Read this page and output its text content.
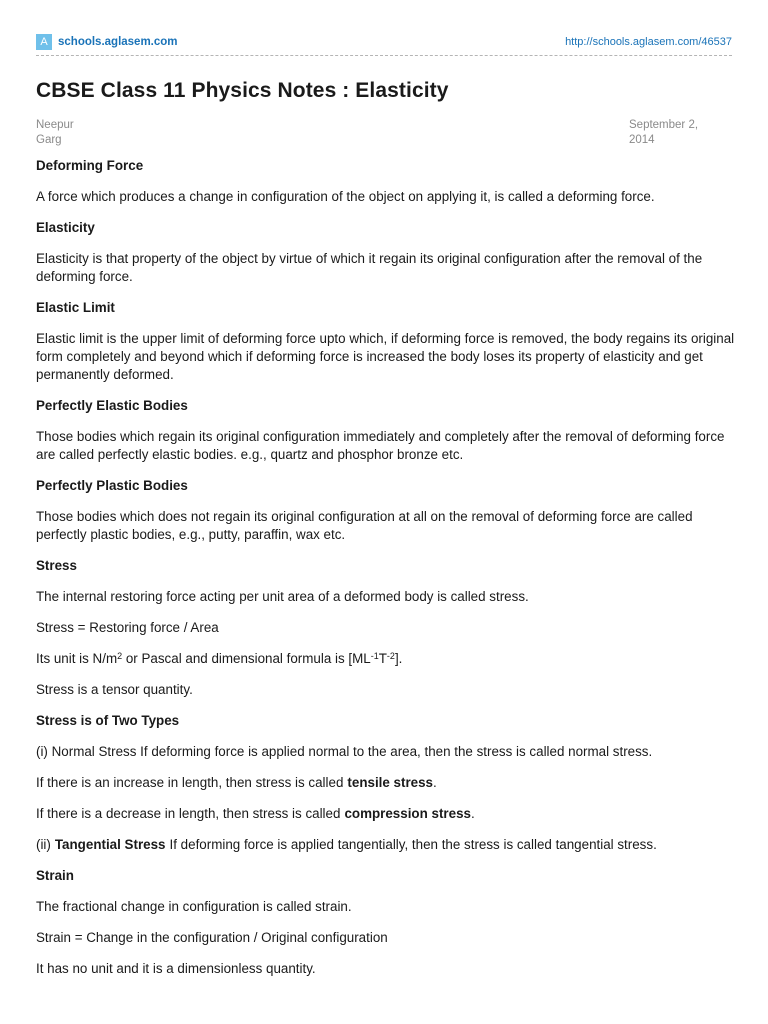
A schools.aglasem.com	http://schools.aglasem.com/46537
CBSE Class 11 Physics Notes : Elasticity
Neepur
Garg
September 2,
2014
Deforming Force

A force which produces a change in configuration of the object on applying it, is called a deforming force.

Elasticity

Elasticity is that property of the object by virtue of which it regain its original configuration after the removal of the deforming force.

Elastic Limit

Elastic limit is the upper limit of deforming force upto which, if deforming force is removed, the body regains its original form completely and beyond which if deforming force is increased the body loses its property of elasticity and get permanently deformed.

Perfectly Elastic Bodies

Those bodies which regain its original configuration immediately and completely after the removal of deforming force are called perfectly elastic bodies. e.g., quartz and phosphor bronze etc.

Perfectly Plastic Bodies

Those bodies which does not regain its original configuration at all on the removal of deforming force are called perfectly plastic bodies, e.g., putty, paraffin, wax etc.

Stress

The internal restoring force acting per unit area of a deformed body is called stress.

Stress = Restoring force / Area

Its unit is $N/m^2$ or Pascal and dimensional formula is $[ML^{-1}T^{-2}]$.

Stress is a tensor quantity.

Stress is of Two Types

(i) Normal Stress If deforming force is applied normal to the area, then the stress is called normal stress.

If there is an increase in length, then stress is called tensile stress.

If there is a decrease in length, then stress is called compression stress.

(ii) Tangential Stress If deforming force is applied tangentially, then the stress is called tangential stress.

Strain

The fractional change in configuration is called strain.

Strain = Change in the configuration / Original configuration

It has no unit and it is a dimensionless quantity.
